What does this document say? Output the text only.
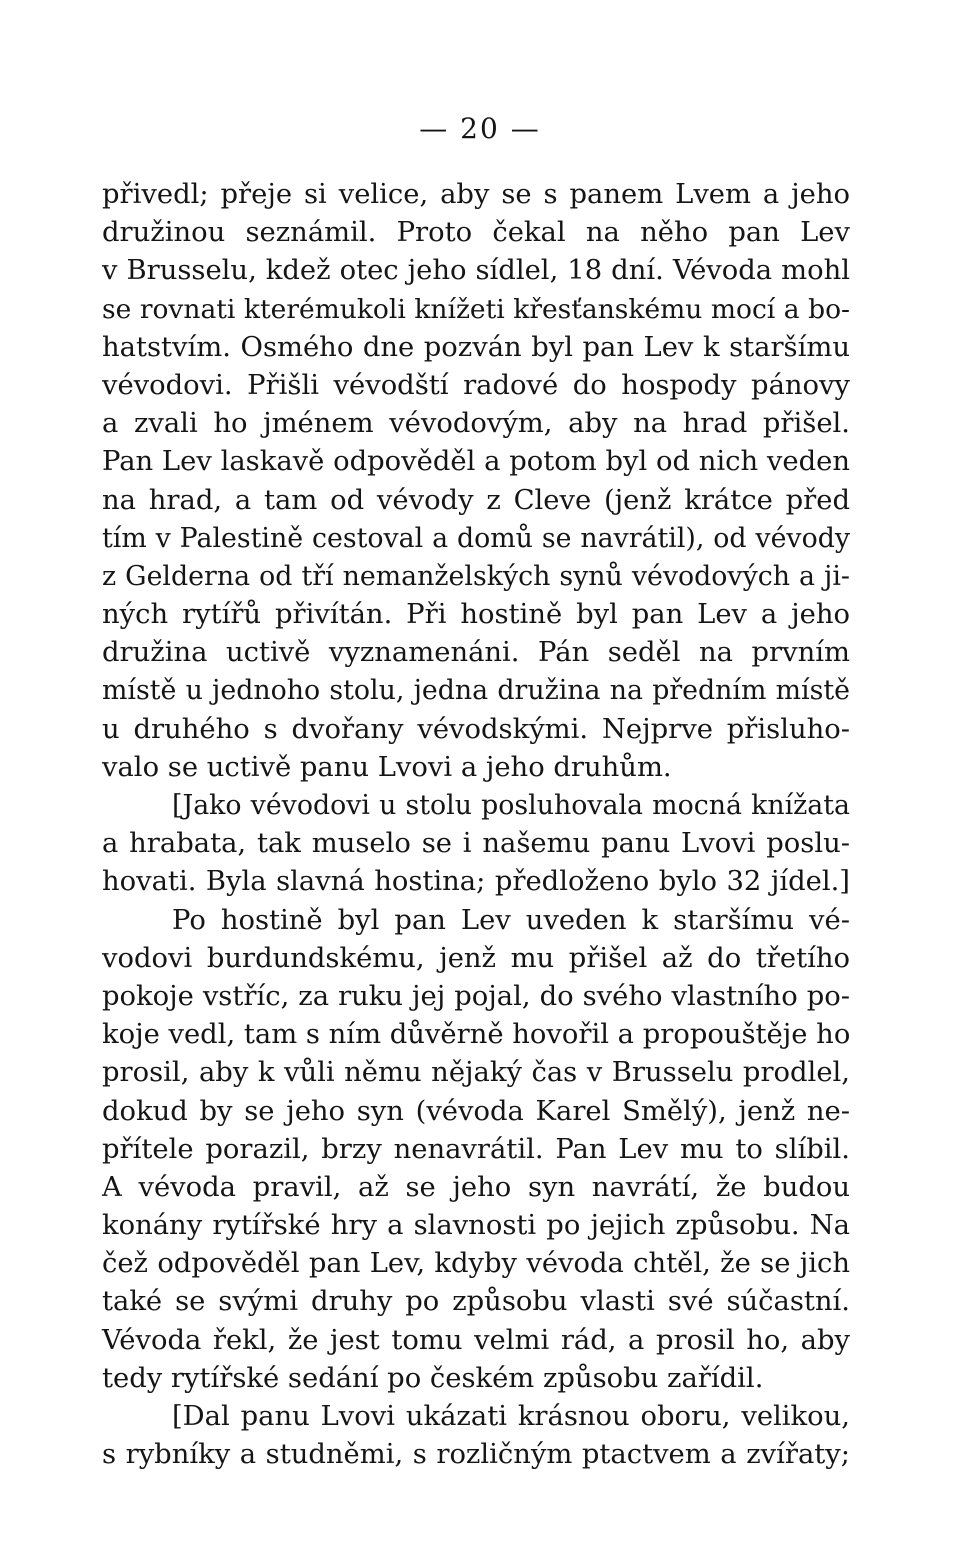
— 20 —
přivedl; přeje si velice, aby se s panem Lvem a jeho
družinou seznámil. Proto čekal na něho pan Lev
v Brusselu, kdež otec jeho sídlel, 18 dní. Vévoda mohl
se rovnati kterémukoli knížeti křesťanskému mocí a bo-
hatstvím. Osmého dne pozván byl pan Lev k staršímu
vévodovi. Přišli vévodští radové do hospody pánovy
a zvali ho jménem vévodovým, aby na hrad přišel.
Pan Lev laskavě odpověděl a potom byl od nich veden
na hrad, a tam od vévody z Cleve (jenž krátce před
tím v Palestině cestoval a domů se navrátil), od vévody
z Gelderna od tří nemanželských synů vévodových a ji-
ných rytířů přivítán. Při hostině byl pan Lev a jeho
družina uctivě vyznamenáni. Pán seděl na prvním
místě u jednoho stolu, jedna družina na předním místě
u druhého s dvořany vévodskými. Nejprve přisluho-
valo se uctivě panu Lvovi a jeho druhům.
[Jako vévodovi u stolu posluhovala mocná knížata
a hrabata, tak muselo se i našemu panu Lvovi poslu-
hovati. Byla slavná hostina; předloženo bylo 32 jídel.]
Po hostině byl pan Lev uveden k staršímu vé-
vodovi burdundskému, jenž mu přišel až do třetího
pokoje vstříc, za ruku jej pojal, do svého vlastního po-
koje vedl, tam s ním důvěrně hovořil a propouštěje ho
prosil, aby k vůli němu nějaký čas v Brusselu prodlel,
dokud by se jeho syn (vévoda Karel Smělý), jenž ne-
přítele porazil, brzy nenavrátil. Pan Lev mu to slíbil.
A vévoda pravil, až se jeho syn navrátí, že budou
konány rytířské hry a slavnosti po jejich způsobu. Na
čež odpověděl pan Lev, kdyby vévoda chtěl, že se jich
také se svými druhy po způsobu vlasti své súčastní.
Vévoda řekl, že jest tomu velmi rád, a prosil ho, aby
tedy rytířské sedání po českém způsobu zařídil.
[Dal panu Lvovi ukázati krásnou oboru, velikou,
s rybníky a studněmi, s rozličným ptactvem a zvířaty;
